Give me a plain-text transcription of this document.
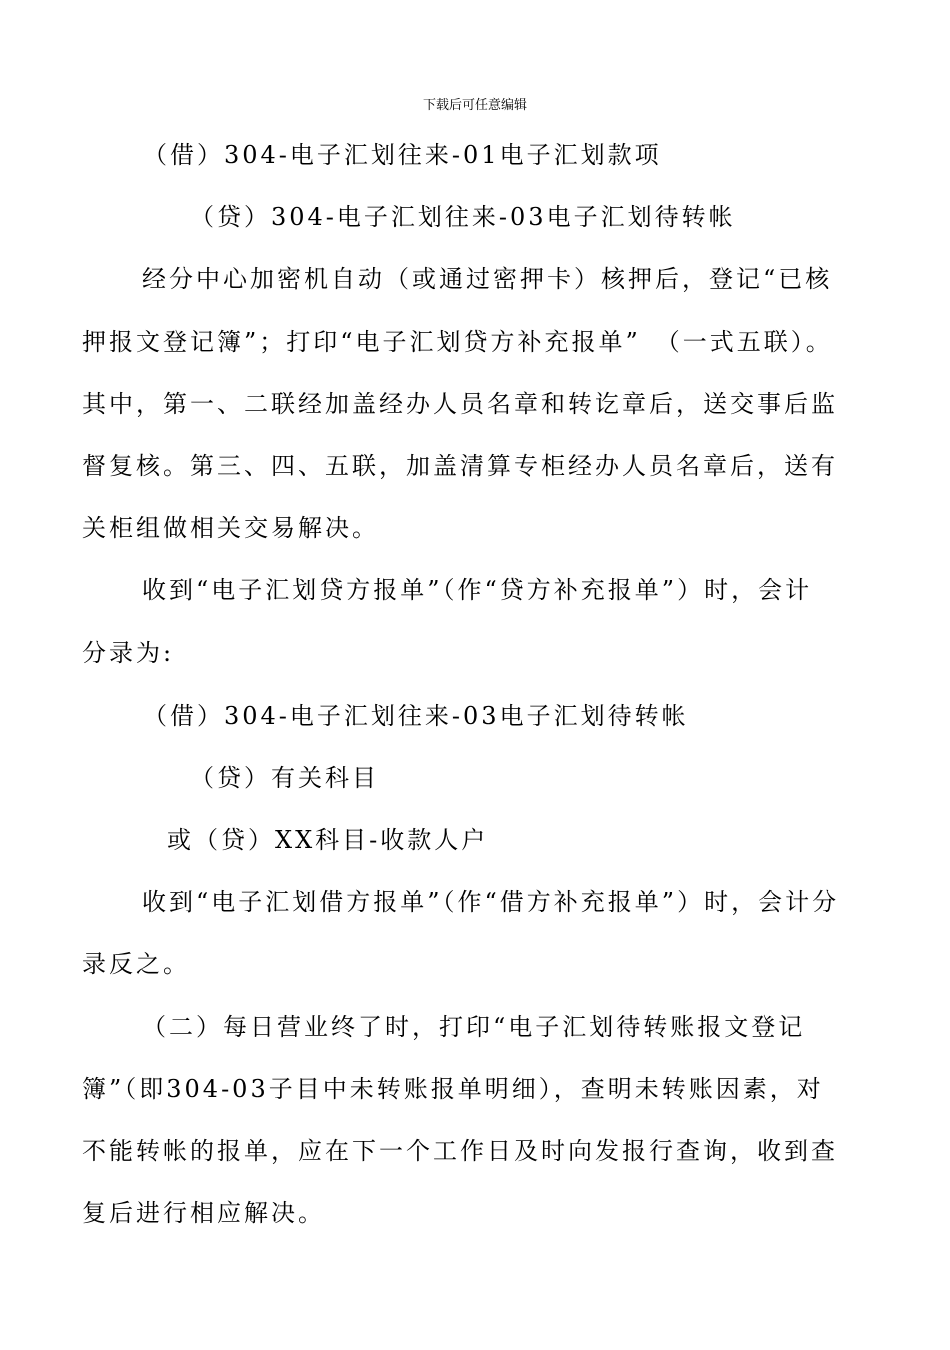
下载后可任意编辑
（借）304-电子汇划往来-01电子汇划款项
（贷）304-电子汇划往来-03电子汇划待转帐
经分中心加密机自动（或通过密押卡）核押后，登记“已核
押报文登记簿”；打印“电子汇划贷方补充报单”　（一式五联）。
其中，第一、二联经加盖经办人员名章和转讫章后，送交事后监
督复核。第三、四、五联，加盖清算专柜经办人员名章后，送有
关柜组做相关交易解决。
收到“电子汇划贷方报单”（作“贷方补充报单”）时，会计
分录为:
（借）304-电子汇划往来-03电子汇划待转帐
（贷）有关科目
或（贷）XX科目-收款人户
收到“电子汇划借方报单”（作“借方补充报单”）时，会计分
录反之。
（二）每日营业终了时，打印“电子汇划待转账报文登记
簿”（即304-03子目中未转账报单明细），查明未转账因素，对
不能转帐的报单，应在下一个工作日及时向发报行查询，收到查
复后进行相应解决。
